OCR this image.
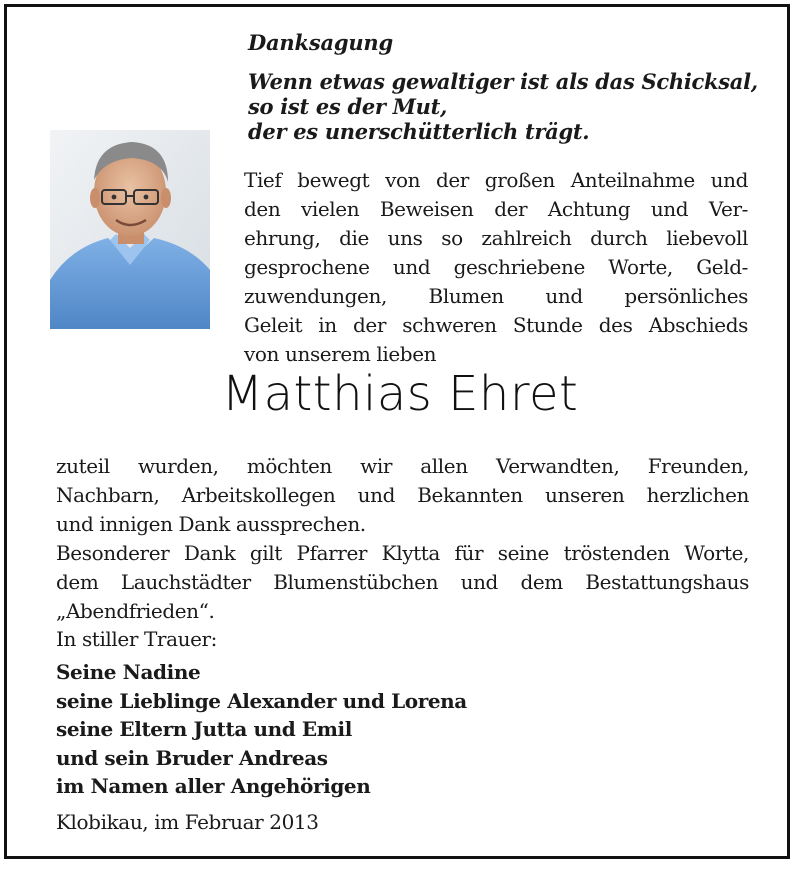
Danksagung
Wenn etwas gewaltiger ist als das Schicksal,
so ist es der Mut,
der es unerschütterlich trägt.
Tief bewegt von der großen Anteilnahme und
den vielen Beweisen der Achtung und Ver-
ehrung, die uns so zahlreich durch liebevoll
gesprochene und geschriebene Worte, Geld-
zuwendungen, Blumen und persönliches
Geleit in der schweren Stunde des Abschieds
von unserem lieben
Matthias Ehret
zuteil wurden, möchten wir allen Verwandten, Freunden,
Nachbarn, Arbeitskollegen und Bekannten unseren herzlichen
und innigen Dank aussprechen.
Besonderer Dank gilt Pfarrer Klytta für seine tröstenden Worte,
dem Lauchstädter Blumenstübchen und dem Bestattungshaus
„Abendfrieden“.
In stiller Trauer:
Seine Nadine
seine Lieblinge Alexander und Lorena
seine Eltern Jutta und Emil
und sein Bruder Andreas
im Namen aller Angehörigen
Klobikau, im Februar 2013
